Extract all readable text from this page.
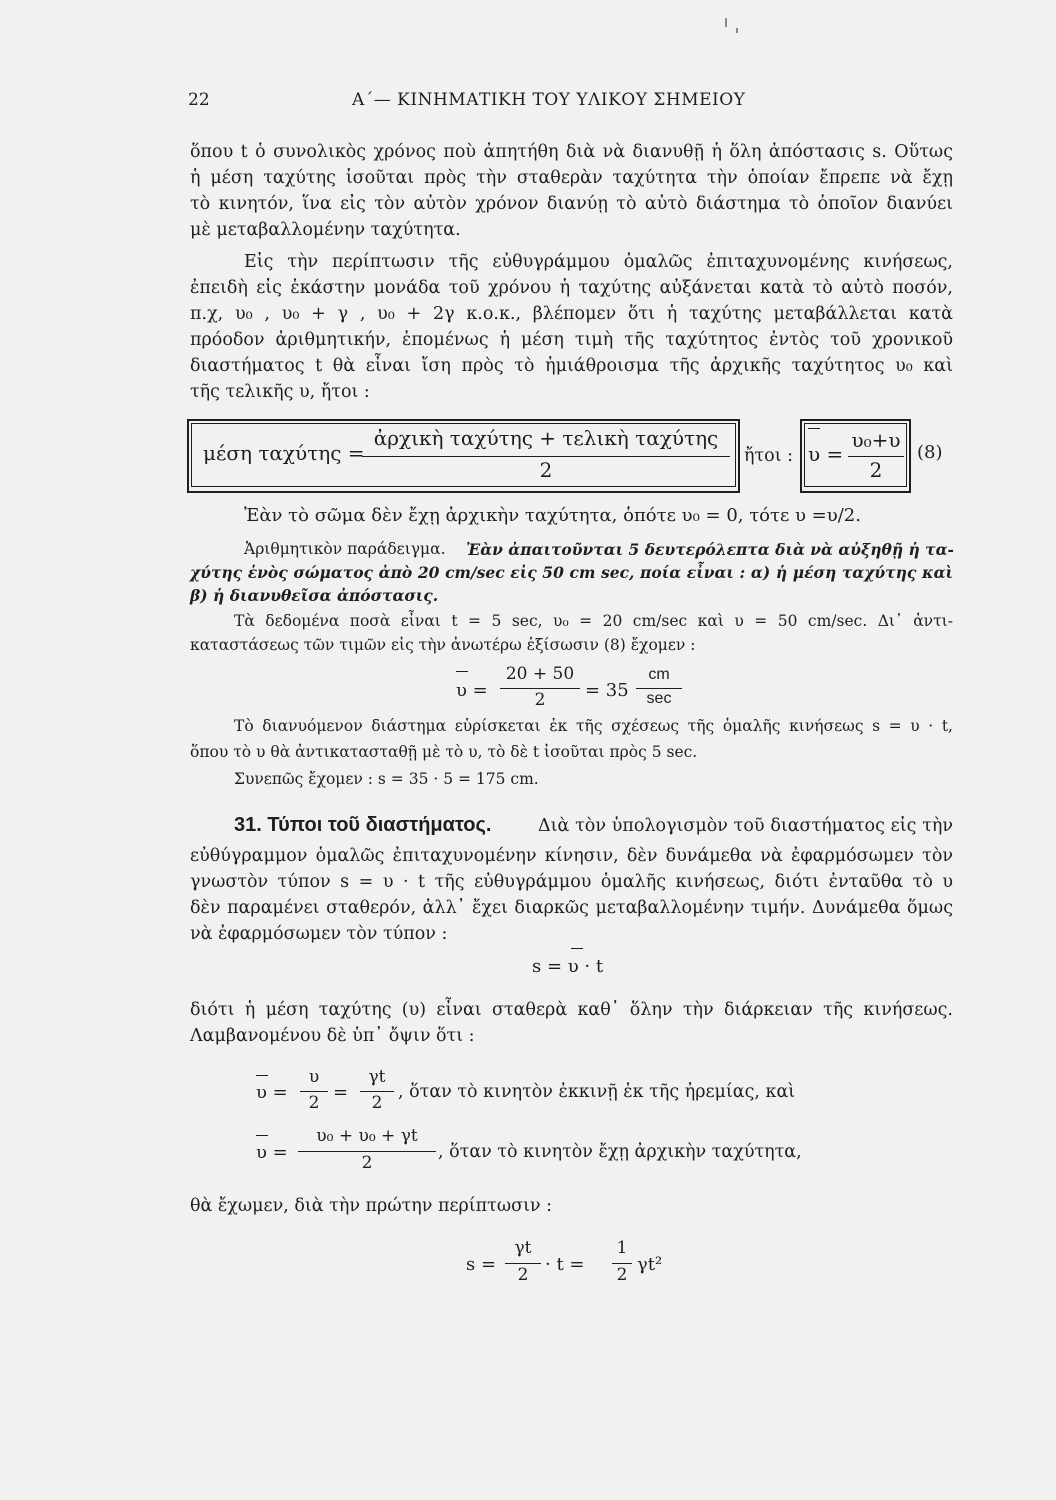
22	Α΄— ΚΙΝΗΜΑΤΙΚΗ ΤΟΥ ΥΛΙΚΟΥ ΣΗΜΕΙΟΥ
ὅπου t ὁ συνολικὸς χρόνος ποὺ ἀπητήθη διὰ νὰ διανυθῇ ἡ ὅλη ἀπόστασις s. Οὕτως
ἡ μέση ταχύτης ἰσοῦται πρὸς τὴν σταθερὰν ταχύτητα τὴν ὁποίαν ἔπρεπε νὰ ἔχῃ
τὸ κινητόν, ἵνα εἰς τὸν αὐτὸν χρόνον διανύῃ τὸ αὐτὸ διάστημα τὸ ὁποῖον διανύει
μὲ μεταβαλλομένην ταχύτητα.
Εἰς τὴν περίπτωσιν τῆς εὐθυγράμμου ὁμαλῶς ἐπιταχυνομένης κινήσεως,
ἐπειδὴ εἰς ἑκάστην μονάδα τοῦ χρόνου ἡ ταχύτης αὐξάνεται κατὰ τὸ αὐτὸ ποσόν,
π.χ, υ₀ , υ₀ + γ , υ₀ + 2γ κ.ο.κ., βλέπομεν ὅτι ἡ ταχύτης μεταβάλλεται κατὰ
πρόοδον ἀριθμητικήν, ἑπομένως ἡ μέση τιμὴ τῆς ταχύτητος ἐντὸς τοῦ χρονικοῦ
διαστήματος t θὰ εἶναι ἴση πρὸς τὸ ἡμιάθροισμα τῆς ἀρχικῆς ταχύτητος υ₀ καὶ
τῆς τελικῆς υ, ἤτοι :
μέση ταχύτης =
ἀρχικὴ ταχύτης + τελικὴ ταχύτης
2
ἤτοι : υ =
υ₀+υ
2
(8)
Ἐὰν τὸ σῶμα δὲν ἔχῃ ἀρχικὴν ταχύτητα, ὁπότε υ₀ = 0, τότε υ =υ/2.
Ἀριθμητικὸν παράδειγμα. Ἐὰν ἀπαιτοῦνται 5 δευτερόλεπτα διὰ νὰ αὐξηθῇ ἡ τα-
χύτης ἑνὸς σώματος ἀπὸ 20 cm/sec εἰς 50 cm sec, ποία εἶναι : α) ἡ μέση ταχύτης καὶ
β) ἡ διανυθεῖσα ἀπόστασις.
Τὰ δεδομένα ποσὰ εἶναι t = 5 sec, υ₀ = 20 cm/sec καὶ υ = 50 cm/sec. Δι᾽ ἀντι-
καταστάσεως τῶν τιμῶν εἰς τὴν ἀνωτέρω ἐξίσωσιν (8) ἔχομεν :
υ =
20 + 50
2	= 35
cm
sec
Τὸ διανυόμενον διάστημα εὑρίσκεται ἐκ τῆς σχέσεως τῆς ὁμαλῆς κινήσεως s = υ · t,
ὅπου τὸ υ θὰ ἀντικατασταθῇ μὲ τὸ υ, τὸ δὲ t ἰσοῦται πρὸς 5 sec.
Συνεπῶς ἔχομεν : s = 35 · 5 = 175 cm.
31. Τύποι τοῦ διαστήματος.	Διὰ τὸν ὑπολογισμὸν τοῦ διαστήματος εἰς τὴν
εὐθύγραμμον ὁμαλῶς ἐπιταχυνομένην κίνησιν, δὲν δυνάμεθα νὰ ἐφαρμόσωμεν τὸν
γνωστὸν τύπον s = υ · t τῆς εὐθυγράμμου ὁμαλῆς κινήσεως, διότι ἐνταῦθα τὸ υ
δὲν παραμένει σταθερόν, ἀλλ᾽ ἔχει διαρκῶς μεταβαλλομένην τιμήν. Δυνάμεθα ὅμως
νὰ ἐφαρμόσωμεν τὸν τύπον :
s = υ · t
διότι ἡ μέση ταχύτης (υ) εἶναι σταθερὰ καθ᾽ ὅλην τὴν διάρκειαν τῆς κινήσεως.
Λαμβανομένου δὲ ὑπ᾽ ὄψιν ὅτι :
υ =
υ
2 =
γt
2
, ὅταν τὸ κινητὸν ἐκκινῇ ἐκ τῆς ἠρεμίας, καὶ
υ =
υ₀ + υ₀ + γt
2
, ὅταν τὸ κινητὸν ἔχῃ ἀρχικὴν ταχύτητα,
θὰ ἔχωμεν, διὰ τὴν πρώτην περίπτωσιν :
s =
γt
2 · t =
1
2 γt²
